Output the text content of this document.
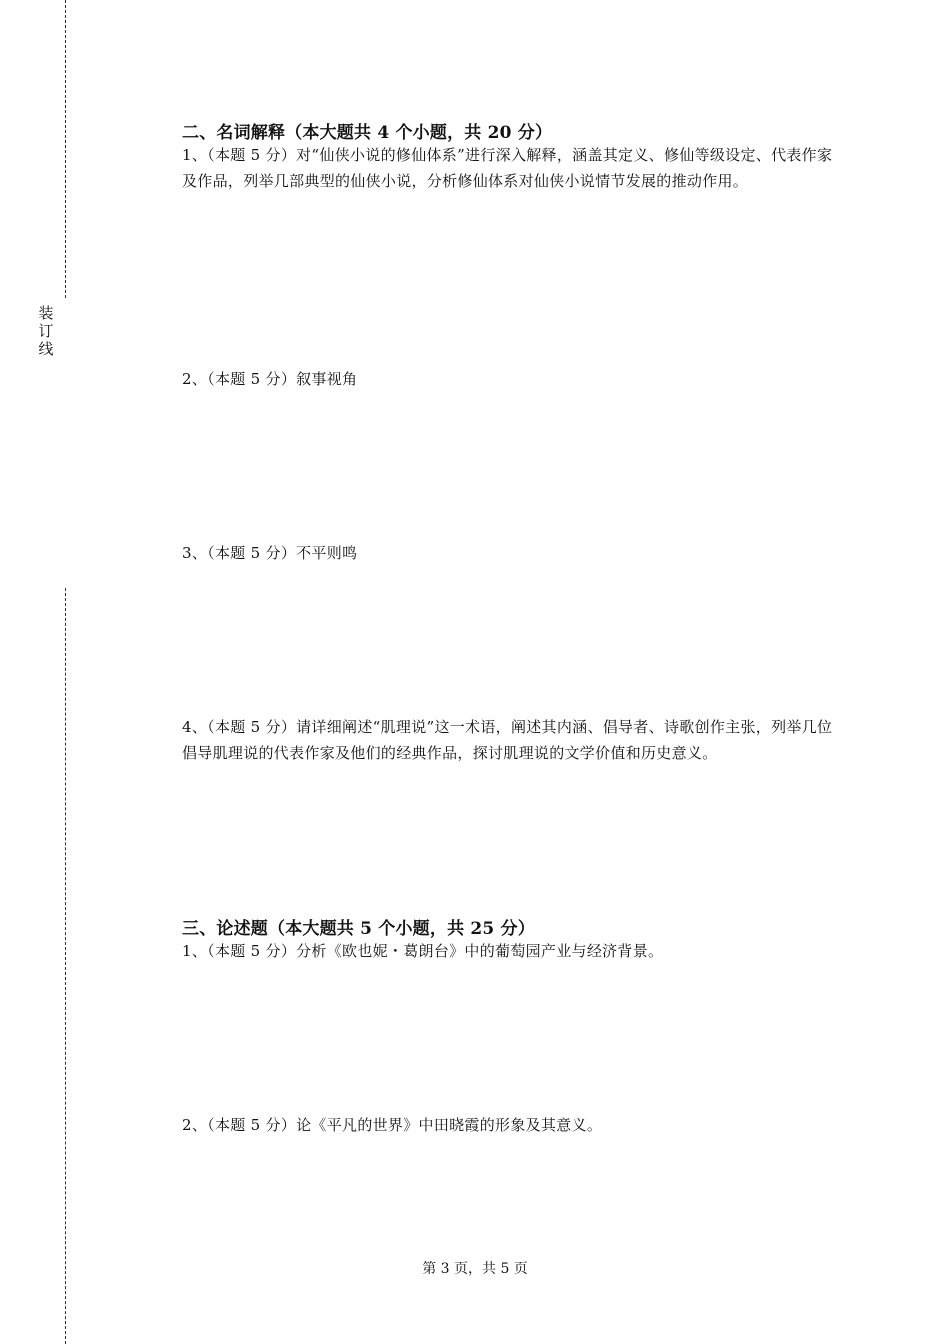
装
订
线
二、名词解释（本大题共 4 个小题，共 20 分）
1、（本题 5 分）对“仙侠小说的修仙体系”进行深入解释，涵盖其定义、修仙等级设定、代表作家及作品，列举几部典型的仙侠小说，分析修仙体系对仙侠小说情节发展的推动作用。
2、（本题 5 分）叙事视角
3、（本题 5 分）不平则鸣
4、（本题 5 分）请详细阐述“肌理说”这一术语，阐述其内涵、倡导者、诗歌创作主张，列举几位倡导肌理说的代表作家及他们的经典作品，探讨肌理说的文学价值和历史意义。
三、论述题（本大题共 5 个小题，共 25 分）
1、（本题 5 分）分析《欧也妮・葛朗台》中的葡萄园产业与经济背景。
2、（本题 5 分）论《平凡的世界》中田晓霞的形象及其意义。
第 3 页，共 5 页
